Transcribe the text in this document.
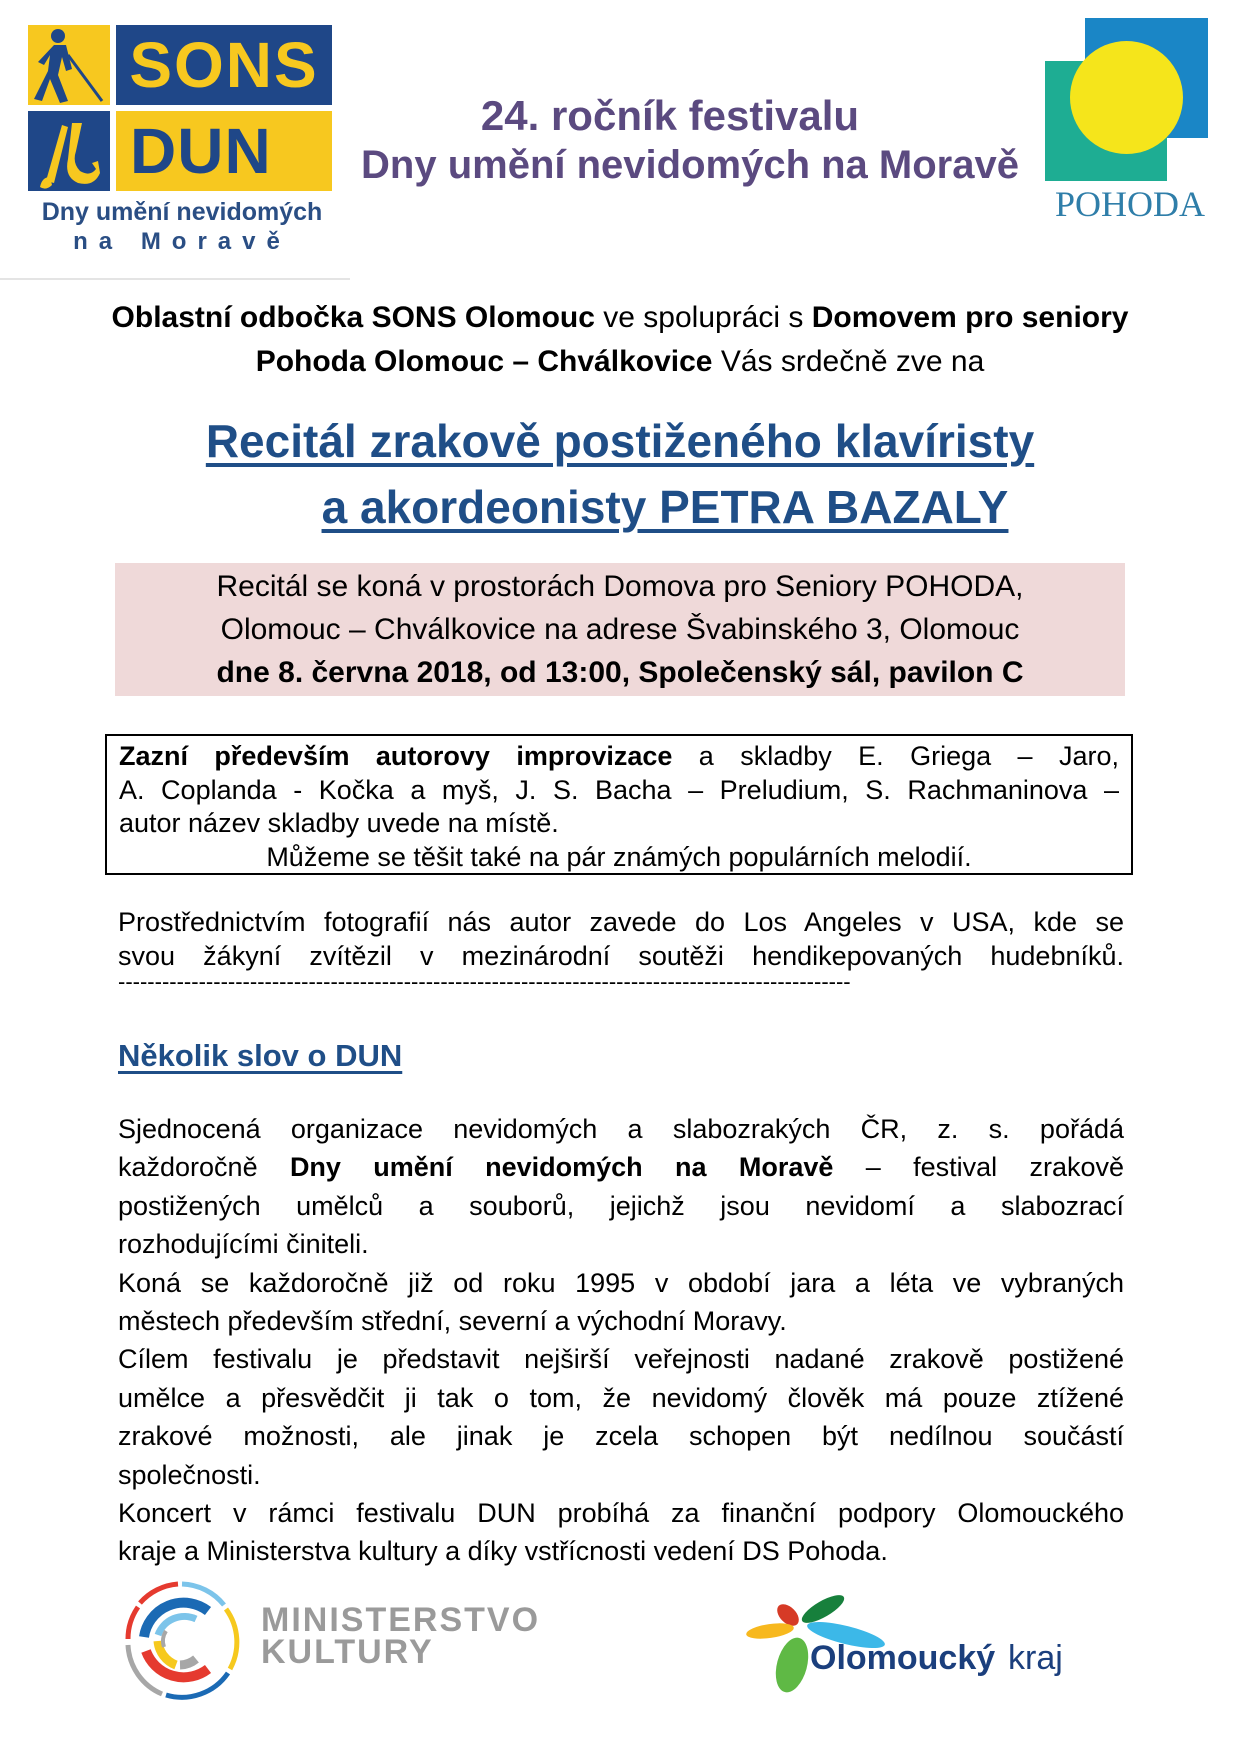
SONS
DUN
Dny umění nevidomých
na Moravě
24. ročník festivalu
Dny umění nevidomých na Moravě
POHODA
Oblastní odbočka SONS Olomouc ve spolupráci s Domovem pro seniory Pohoda Olomouc – Chválkovice Vás srdečně zve na
Recitál zrakově postiženého klavíristy
a akordeonisty PETRA BAZALY
Recitál se koná v prostorách Domova pro Seniory POHODA,
Olomouc – Chválkovice na adrese Švabinského 3, Olomouc
dne 8. června 2018, od 13:00, Společenský sál, pavilon C
Zazní především autorovy improvizace a skladby E. Griega – Jaro,
A. Coplanda - Kočka a myš, J. S. Bacha – Preludium, S. Rachmaninova –
autor název skladby uvede na místě.
Můžeme se těšit také na pár známých populárních melodií.
Prostřednictvím fotografií nás autor zavede do Los Angeles v USA, kde se
svou žákyní zvítězil v mezinárodní soutěži hendikepovaných hudebníků.
----------------------------------------------------------------------------------------------------
Několik slov o DUN
Sjednocená organizace nevidomých a slabozrakých ČR, z. s. pořádá
každoročně Dny umění nevidomých na Moravě – festival zrakově
postižených umělců a souborů, jejichž jsou nevidomí a slabozrací
rozhodujícími činiteli.
Koná se každoročně již od roku 1995 v období jara a léta ve vybraných
městech především střední, severní a východní Moravy.
Cílem festivalu je představit nejširší veřejnosti nadané zrakově postižené
umělce a přesvědčit ji tak o tom, že nevidomý člověk má pouze ztížené
zrakové možnosti, ale jinak je zcela schopen být nedílnou součástí
společnosti.
Koncert v rámci festivalu DUN probíhá za finanční podpory Olomouckého
kraje a Ministerstva kultury a díky vstřícnosti vedení DS Pohoda.
MINISTERSTVO
KULTURY	Olomoucký kraj
